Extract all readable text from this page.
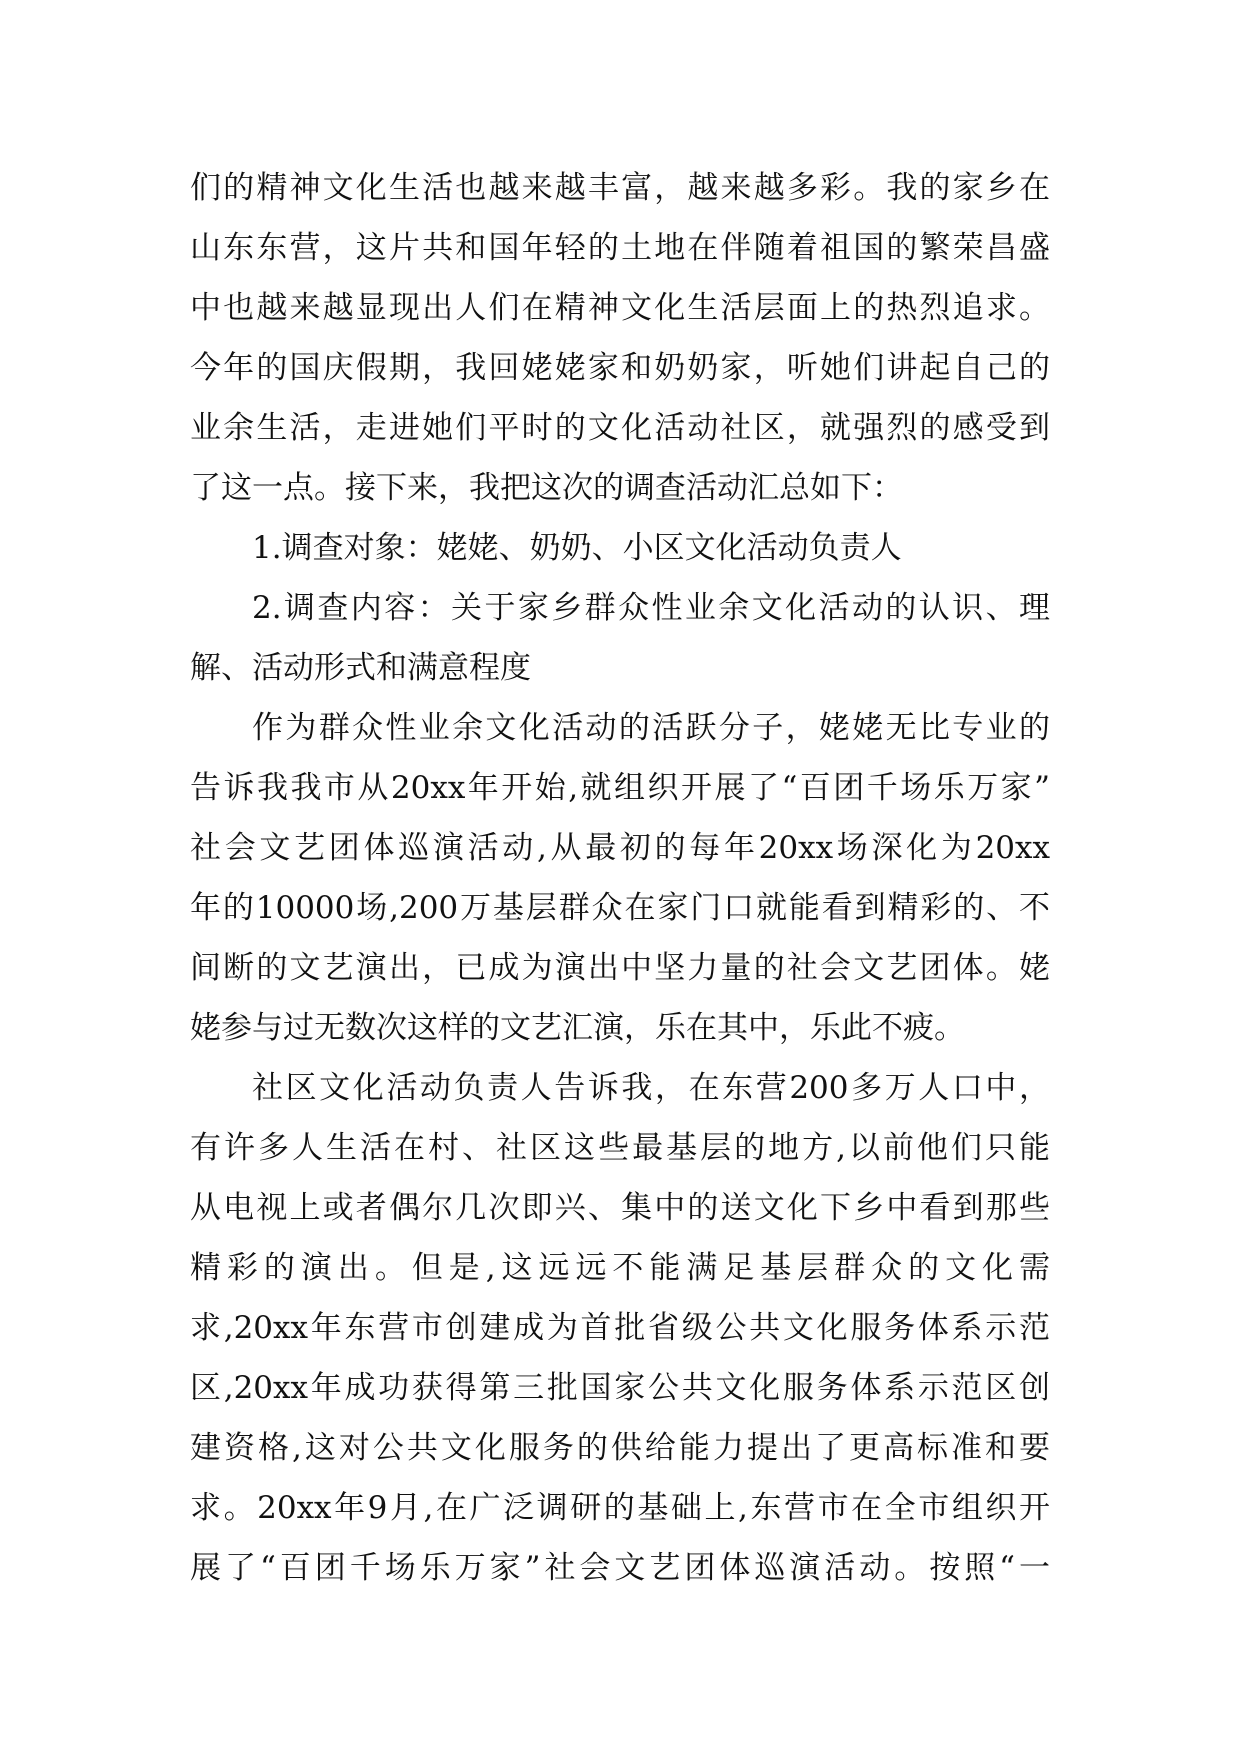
们的精神文化生活也越来越丰富，越来越多彩。我的家乡在
山东东营，这片共和国年轻的土地在伴随着祖国的繁荣昌盛
中也越来越显现出人们在精神文化生活层面上的热烈追求。
今年的国庆假期，我回姥姥家和奶奶家，听她们讲起自己的
业余生活，走进她们平时的文化活动社区，就强烈的感受到
了这一点。接下来，我把这次的调查活动汇总如下：
1.调查对象：姥姥、奶奶、小区文化活动负责人
2.调查内容：关于家乡群众性业余文化活动的认识、理
解、活动形式和满意程度
作为群众性业余文化活动的活跃分子，姥姥无比专业的
告诉我我市从20xx年开始,就组织开展了“百团千场乐万家”
社会文艺团体巡演活动,从最初的每年20xx场深化为20xx
年的10000场,200万基层群众在家门口就能看到精彩的、不
间断的文艺演出，已成为演出中坚力量的社会文艺团体。姥
姥参与过无数次这样的文艺汇演，乐在其中，乐此不疲。
社区文化活动负责人告诉我，在东营200多万人口中，
有许多人生活在村、社区这些最基层的地方,以前他们只能
从电视上或者偶尔几次即兴、集中的送文化下乡中看到那些
精彩的演出。但是,这远远不能满足基层群众的文化需
求,20xx年东营市创建成为首批省级公共文化服务体系示范
区,20xx年成功获得第三批国家公共文化服务体系示范区创
建资格,这对公共文化服务的供给能力提出了更高标准和要
求。20xx年9月,在广泛调研的基础上,东营市在全市组织开
展了“百团千场乐万家”社会文艺团体巡演活动。按照“一
